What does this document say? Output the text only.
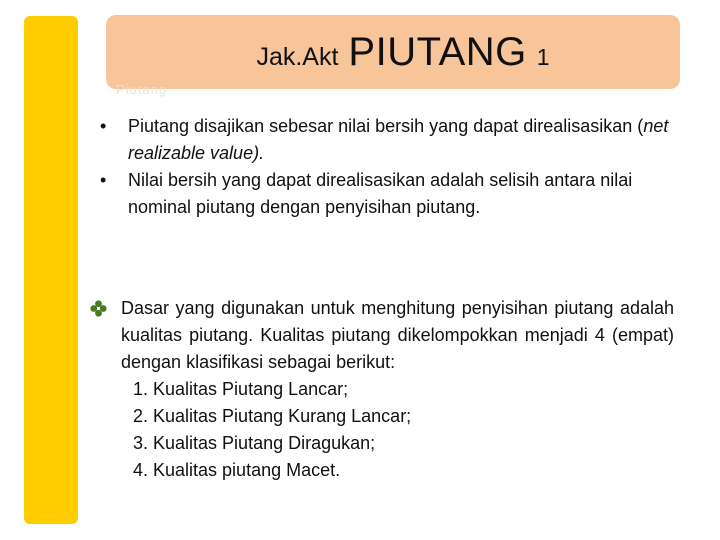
Jak.Akt PIUTANG 1
Piutang
• Piutang disajikan sebesar nilai bersih yang dapat direalisasikan (net realizable value).
• Nilai bersih yang dapat direalisasikan adalah selisih antara nilai nominal piutang dengan penyisihan piutang.
Dasar yang digunakan untuk menghitung penyisihan piutang adalah kualitas piutang. Kualitas piutang dikelompokkan menjadi 4 (empat) dengan klasifikasi sebagai berikut:
1. Kualitas Piutang Lancar;
2. Kualitas Piutang Kurang Lancar;
3. Kualitas Piutang Diragukan;
4. Kualitas piutang Macet.
